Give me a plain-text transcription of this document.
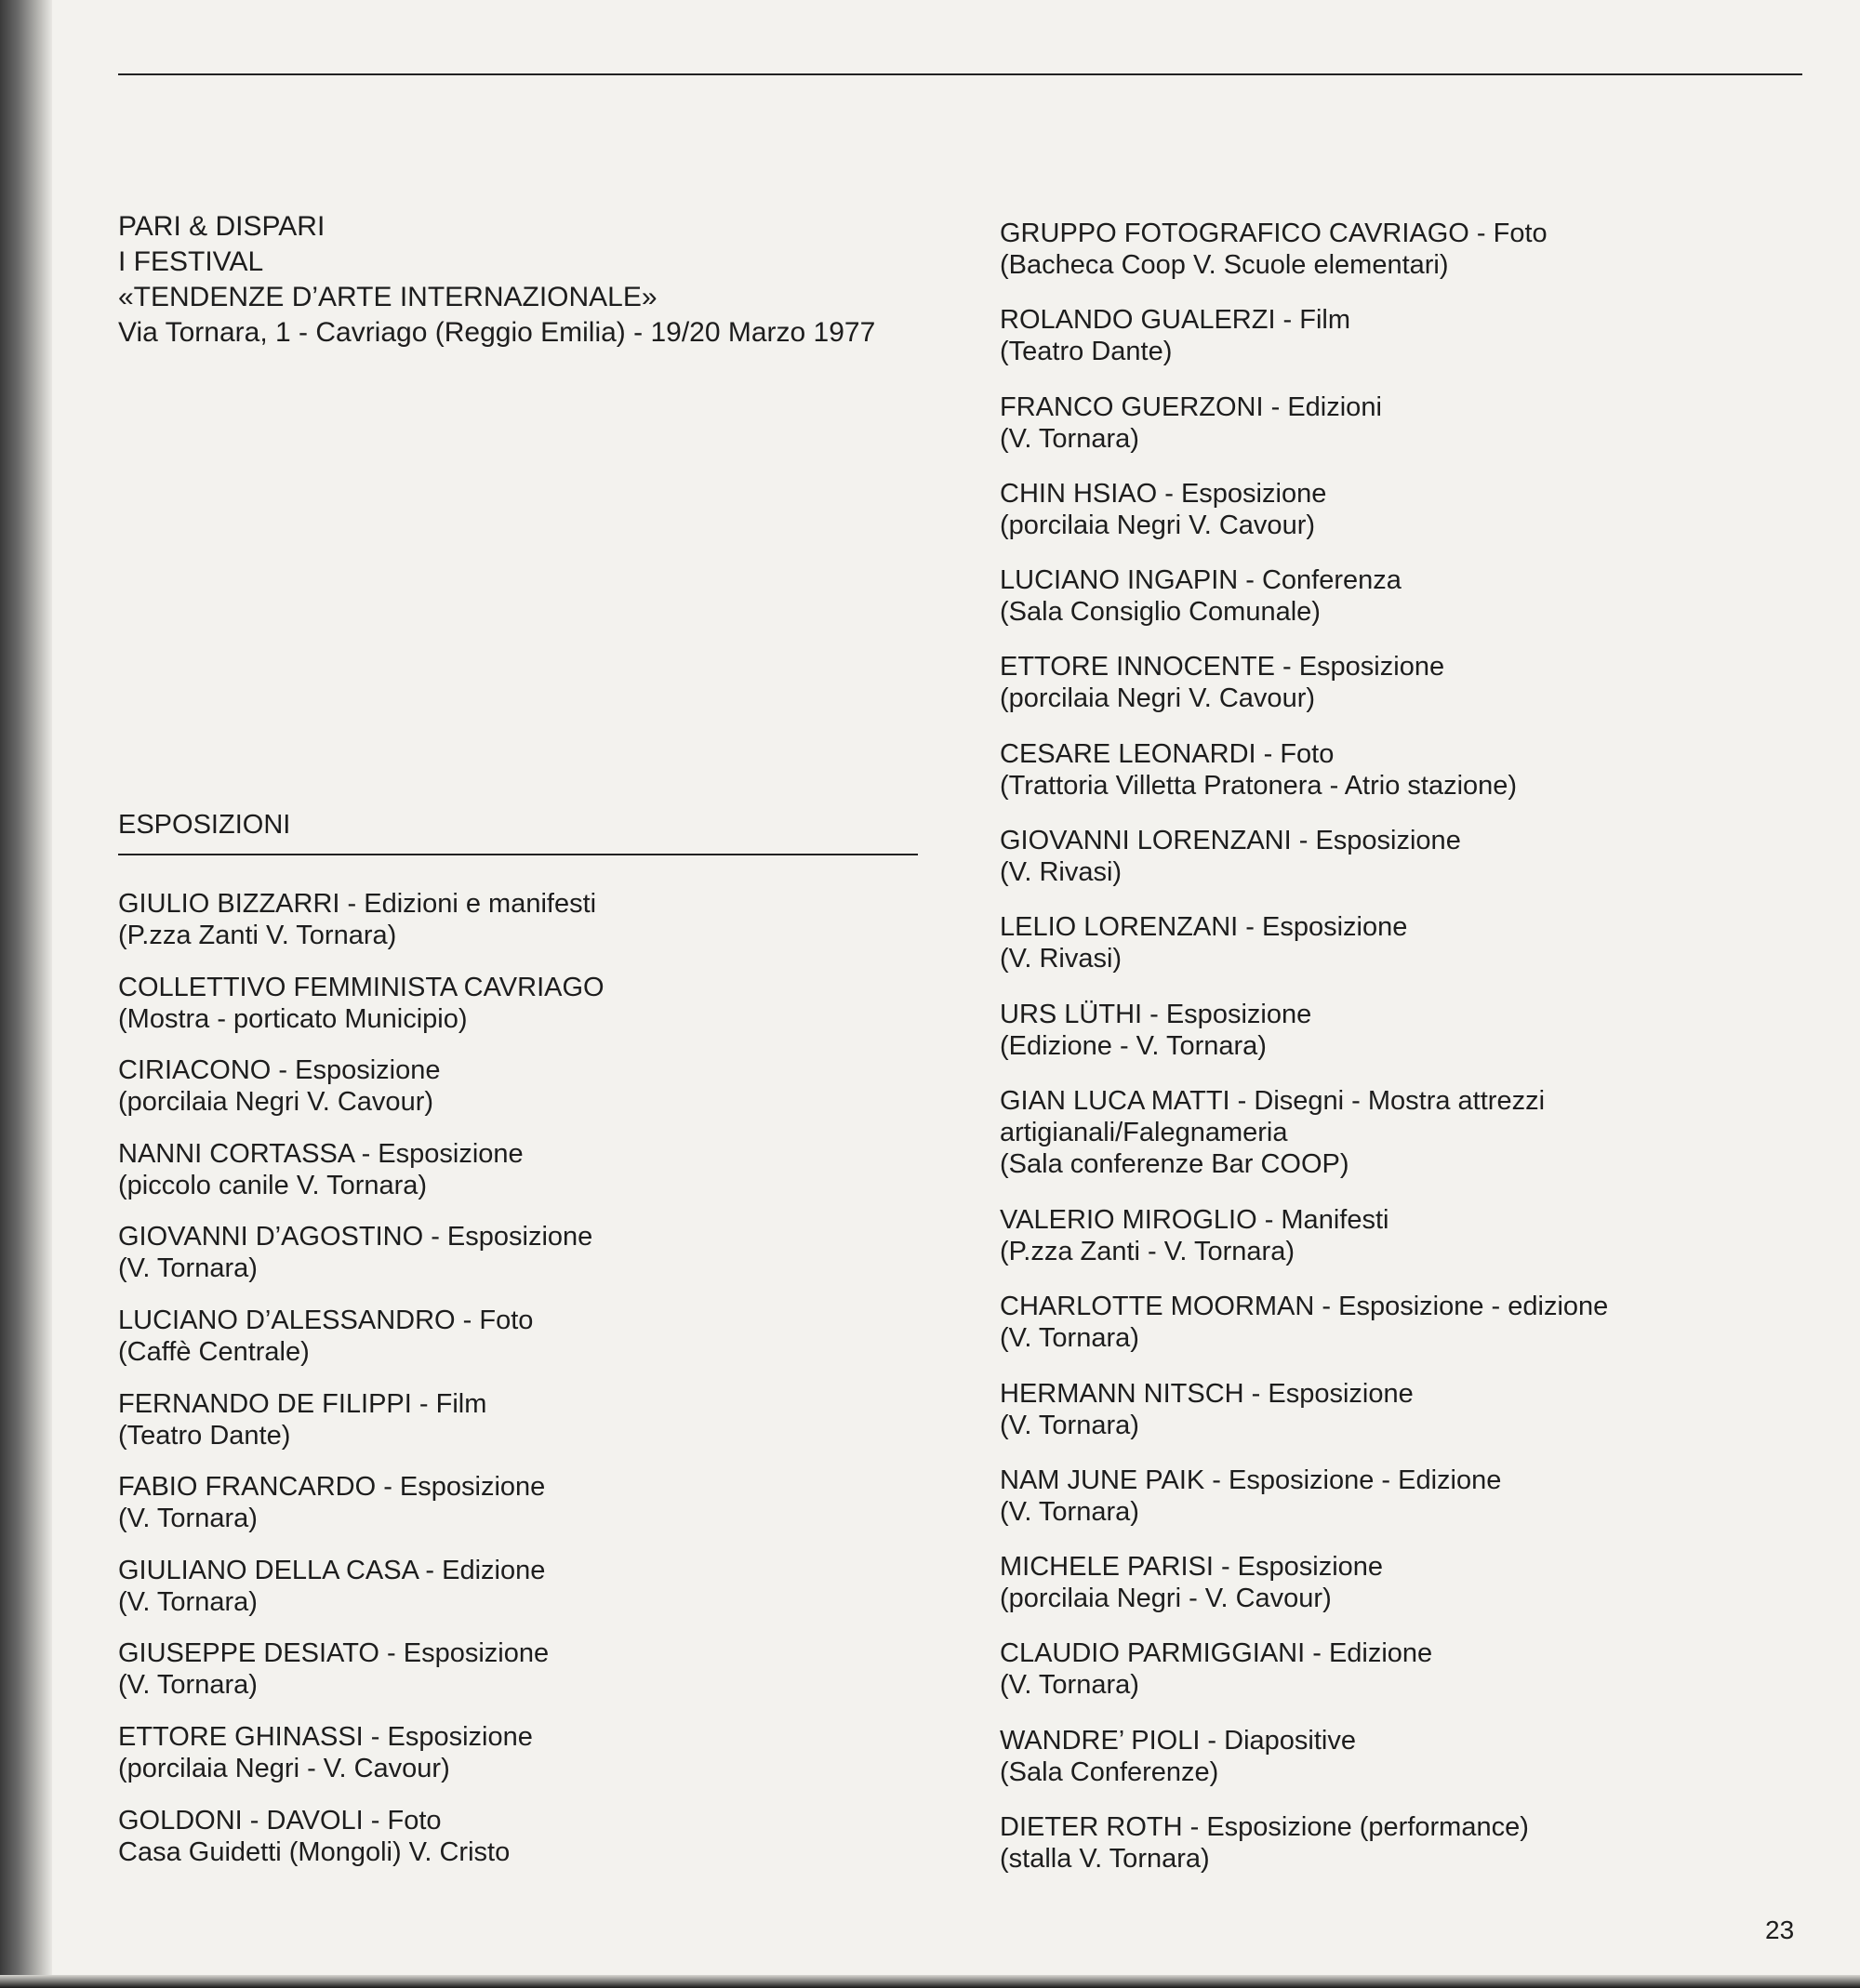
PARI & DISPARI
I FESTIVAL
«TENDENZE D’ARTE INTERNAZIONALE»
Via Tornara, 1 - Cavriago (Reggio Emilia) - 19/20 Marzo 1977
ESPOSIZIONI
GIULIO BIZZARRI - Edizioni e manifesti
(P.zza Zanti V. Tornara)
COLLETTIVO FEMMINISTA CAVRIAGO
(Mostra - porticato Municipio)
CIRIACONO - Esposizione
(porcilaia Negri V. Cavour)
NANNI CORTASSA - Esposizione
(piccolo canile V. Tornara)
GIOVANNI D’AGOSTINO - Esposizione
(V. Tornara)
LUCIANO D’ALESSANDRO - Foto
(Caffè Centrale)
FERNANDO DE FILIPPI - Film
(Teatro Dante)
FABIO FRANCARDO - Esposizione
(V. Tornara)
GIULIANO DELLA CASA - Edizione
(V. Tornara)
GIUSEPPE DESIATO - Esposizione
(V. Tornara)
ETTORE GHINASSI - Esposizione
(porcilaia Negri - V. Cavour)
GOLDONI - DAVOLI - Foto
Casa Guidetti (Mongoli) V. Cristo
GRUPPO FOTOGRAFICO CAVRIAGO - Foto
(Bacheca Coop V. Scuole elementari)
ROLANDO GUALERZI - Film
(Teatro Dante)
FRANCO GUERZONI - Edizioni
(V. Tornara)
CHIN HSIAO - Esposizione
(porcilaia Negri V. Cavour)
LUCIANO INGAPIN - Conferenza
(Sala Consiglio Comunale)
ETTORE INNOCENTE - Esposizione
(porcilaia Negri V. Cavour)
CESARE LEONARDI - Foto
(Trattoria Villetta Pratonera - Atrio stazione)
GIOVANNI LORENZANI - Esposizione
(V. Rivasi)
LELIO LORENZANI - Esposizione
(V. Rivasi)
URS LÜTHI - Esposizione
(Edizione - V. Tornara)
GIAN LUCA MATTI - Disegni - Mostra attrezzi
artigianali/Falegnameria
(Sala conferenze Bar COOP)
VALERIO MIROGLIO - Manifesti
(P.zza Zanti - V. Tornara)
CHARLOTTE MOORMAN - Esposizione - edizione
(V. Tornara)
HERMANN NITSCH - Esposizione
(V. Tornara)
NAM JUNE PAIK - Esposizione - Edizione
(V. Tornara)
MICHELE PARISI - Esposizione
(porcilaia Negri - V. Cavour)
CLAUDIO PARMIGGIANI - Edizione
(V. Tornara)
WANDRE’ PIOLI - Diapositive
(Sala Conferenze)
DIETER ROTH - Esposizione (performance)
(stalla V. Tornara)
23
